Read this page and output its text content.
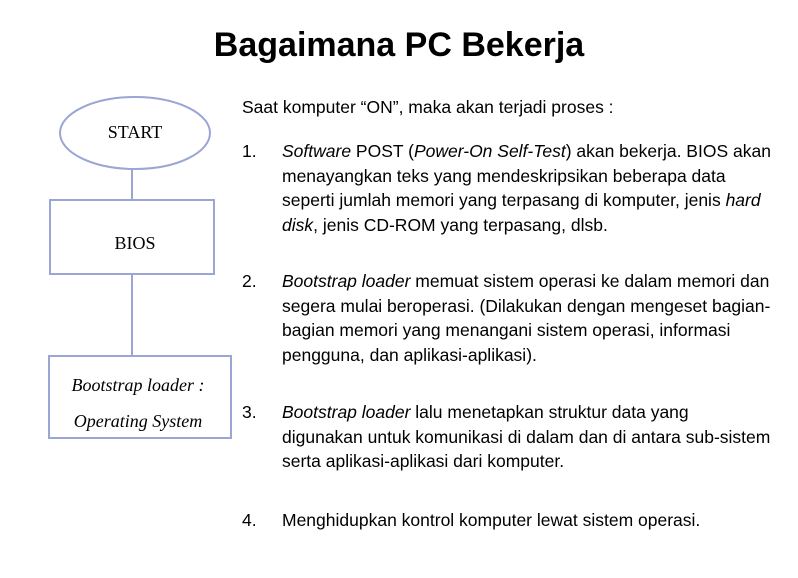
Bagaimana PC Bekerja
START
BIOS
Bootstrap loader :
Operating System
Saat komputer “ON”, maka akan terjadi proses :
1. Software POST (Power-On Self-Test) akan bekerja. BIOS akan menayangkan teks yang mendeskripsikan beberapa data seperti jumlah memori yang terpasang di komputer, jenis hard disk, jenis CD-ROM yang terpasang, dlsb.
2. Bootstrap loader memuat sistem operasi ke dalam memori dan segera mulai beroperasi. (Dilakukan dengan mengeset bagian-bagian memori yang menangani sistem operasi, informasi pengguna, dan aplikasi-aplikasi).
3. Bootstrap loader lalu menetapkan struktur data yang digunakan untuk komunikasi di dalam dan di antara sub-sistem serta aplikasi-aplikasi dari komputer.
4. Menghidupkan kontrol komputer lewat sistem operasi.
